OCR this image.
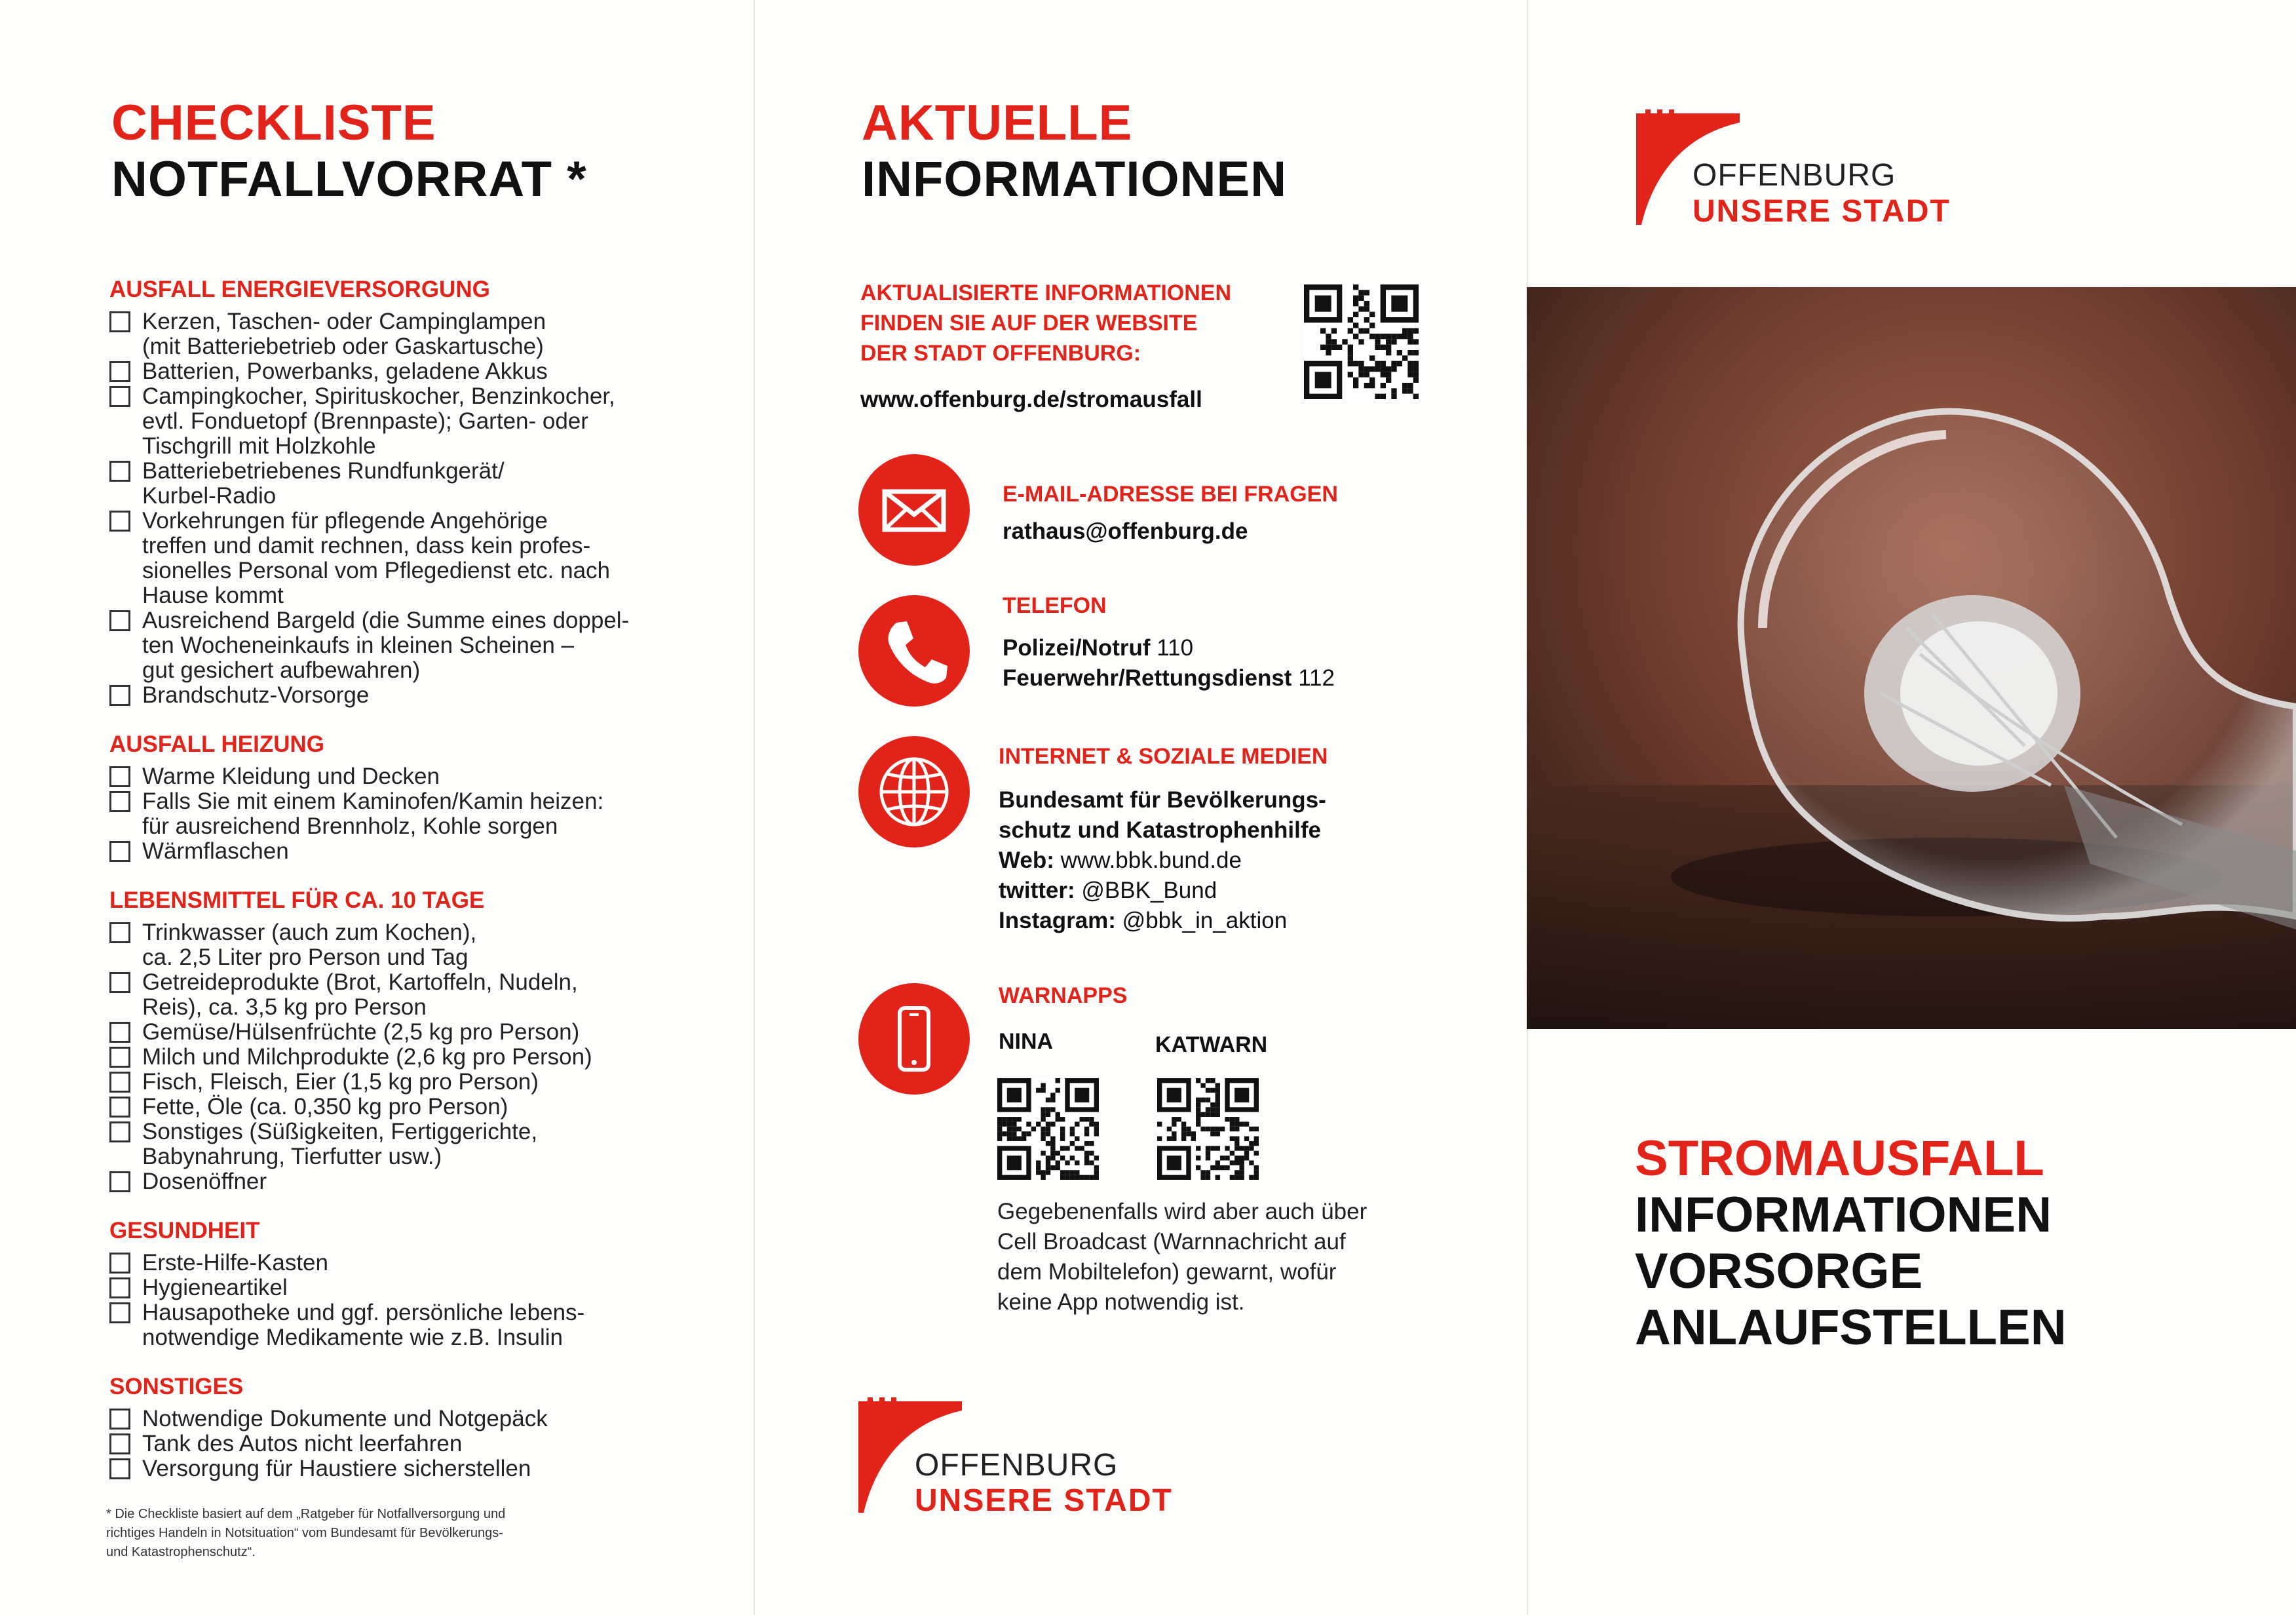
CHECKLISTE
NOTFALLVORRAT *
AUSFALL ENERGIEVERSORGUNG
Kerzen, Taschen- oder Campinglampen
(mit Batteriebetrieb oder Gaskartusche)
Batterien, Powerbanks, geladene Akkus
Campingkocher, Spirituskocher, Benzinkocher,
evtl. Fonduetopf (Brennpaste); Garten- oder
Tischgrill mit Holzkohle
Batteriebetriebenes Rundfunkgerät/
Kurbel-Radio
Vorkehrungen für pflegende Angehörige
treffen und damit rechnen, dass kein profes-
sionelles Personal vom Pflegedienst etc. nach
Hause kommt
Ausreichend Bargeld (die Summe eines doppel-
ten Wocheneinkaufs in kleinen Scheinen –
gut gesichert aufbewahren)
Brandschutz-Vorsorge
AUSFALL HEIZUNG
Warme Kleidung und Decken
Falls Sie mit einem Kaminofen/Kamin heizen:
für ausreichend Brennholz, Kohle sorgen
Wärmflaschen
LEBENSMITTEL FÜR CA. 10 TAGE
Trinkwasser (auch zum Kochen),
ca. 2,5 Liter pro Person und Tag
Getreideprodukte (Brot, Kartoffeln, Nudeln,
Reis), ca. 3,5 kg pro Person
Gemüse/Hülsenfrüchte (2,5 kg pro Person)
Milch und Milchprodukte (2,6 kg pro Person)
Fisch, Fleisch, Eier (1,5 kg pro Person)
Fette, Öle (ca. 0,350 kg pro Person)
Sonstiges (Süßigkeiten, Fertiggerichte,
Babynahrung, Tierfutter usw.)
Dosenöffner
GESUNDHEIT
Erste-Hilfe-Kasten
Hygieneartikel
Hausapotheke und ggf. persönliche lebens-
notwendige Medikamente wie z.B. Insulin
SONSTIGES
Notwendige Dokumente und Notgepäck
Tank des Autos nicht leerfahren
Versorgung für Haustiere sicherstellen
* Die Checkliste basiert auf dem „Ratgeber für Notfallversorgung und
richtiges Handeln in Notsituation“ vom Bundesamt für Bevölkerungs-
und Katastrophenschutz“.
AKTUELLE
INFORMATIONEN
AKTUALISIERTE INFORMATIONEN
FINDEN SIE AUF DER WEBSITE
DER STADT OFFENBURG:
www.offenburg.de/stromausfall
E-MAIL-ADRESSE BEI FRAGEN
rathaus@offenburg.de
TELEFON
Polizei/Notruf 110
Feuerwehr/Rettungsdienst 112
INTERNET & SOZIALE MEDIEN
Bundesamt für Bevölkerungs-
schutz und Katastrophenhilfe
Web: www.bbk.bund.de
twitter: @BBK_Bund
Instagram: @bbk_in_aktion
WARNAPPS
NINA	KATWARN
Gegebenenfalls wird aber auch über
Cell Broadcast (Warnnachricht auf
dem Mobiltelefon) gewarnt, wofür
keine App notwendig ist.
OFFENBURG
UNSERE STADT
OFFENBURG
UNSERE STADT
STROMAUSFALL
INFORMATIONEN
VORSORGE
ANLAUFSTELLEN
